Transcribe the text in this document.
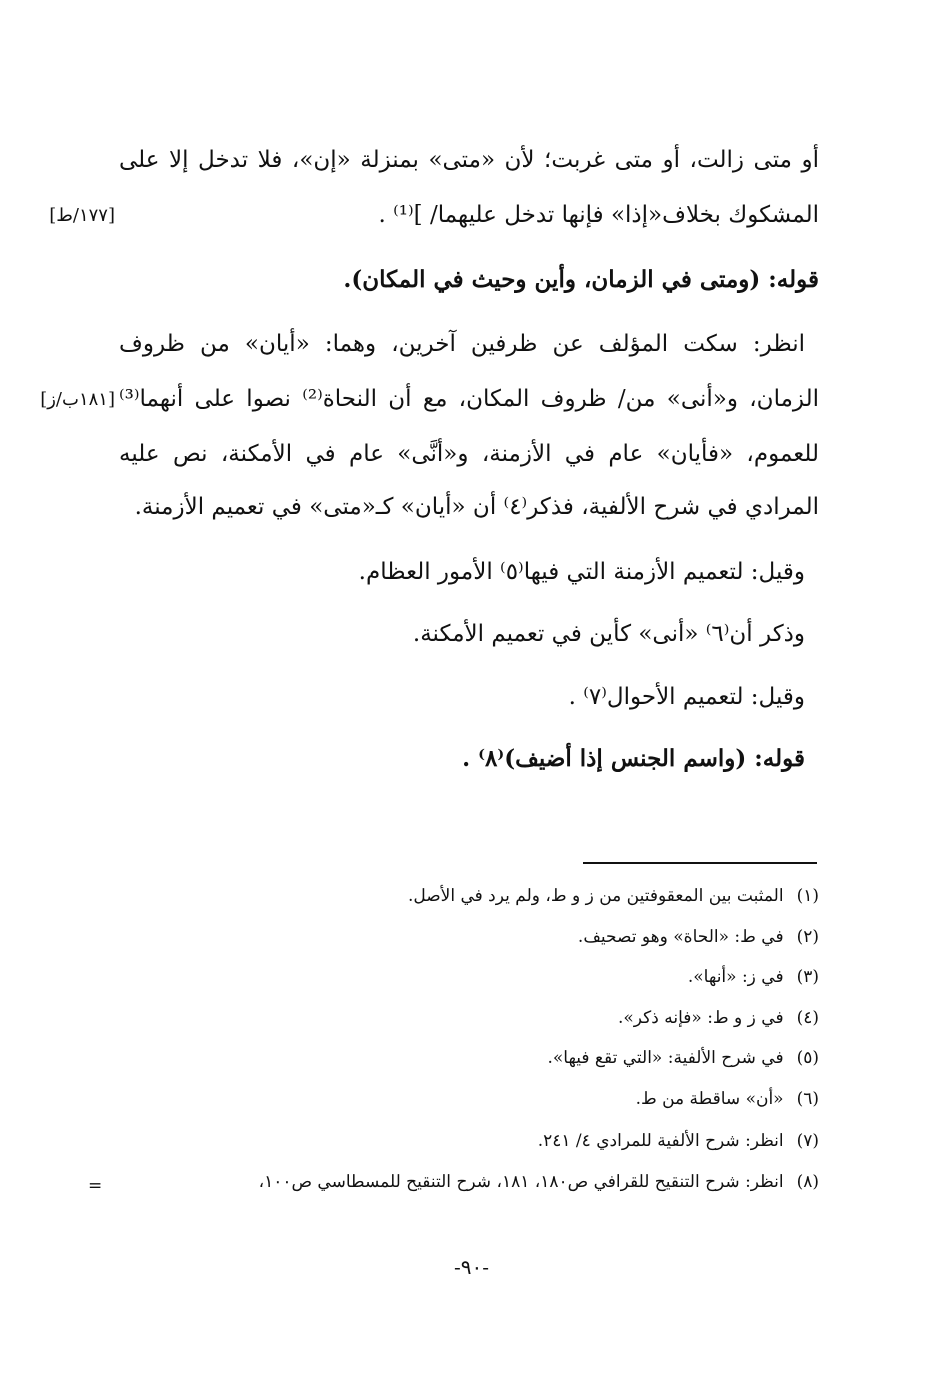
أو متى زالت، أو متى غربت؛ لأن «متى» بمنزلة «إن»، فلا تدخل إلا على
المشكوك بخلاف«إذا» فإنها تدخل عليهما/ ]⁽¹⁾ .
[١٧٧/ط]
قوله: (ومتى في الزمان، وأين وحيث في المكان).
انظر: سكت المؤلف عن ظرفين آخرين، وهما: «أيان» من ظروف
الزمان، و«أنى» من/ ظروف المكان، مع أن النحاة⁽²⁾ نصوا على أنهما⁽³⁾
[١٨١ب/ز]
للعموم، «فأيان» عام في الأزمنة، و«أنَّى» عام في الأمكنة، نص عليه
المرادي في شرح الألفية، فذكر⁽٤⁾ أن «أيان» كـ«متى» في تعميم الأزمنة.
وقيل: لتعميم الأزمنة التي فيها⁽٥⁾ الأمور العظام.
وذكر أن⁽٦⁾ «أنى» كأين في تعميم الأمكنة.
وقيل: لتعميم الأحوال⁽٧⁾ .
قوله: (واسم الجنس إذا أضيف)⁽٨⁾ .
(١) المثبت بين المعقوفتين من ز و ط، ولم يرد في الأصل.
(٢) في ط: «الحاة» وهو تصحيف.
(٣) في ز: «أنها».
(٤) في ز و ط: «فإنه ذكر».
(٥) في شرح الألفية: «التي تقع فيها».
(٦) «أن» ساقطة من ط.
(٧) انظر: شرح الألفية للمرادي ٤/ ٢٤١.
(٨) انظر: شرح التنقيح للقرافي ص١٨٠، ١٨١، شرح التنقيح للمسطاسي ص١٠٠،
=
-٩٠-
